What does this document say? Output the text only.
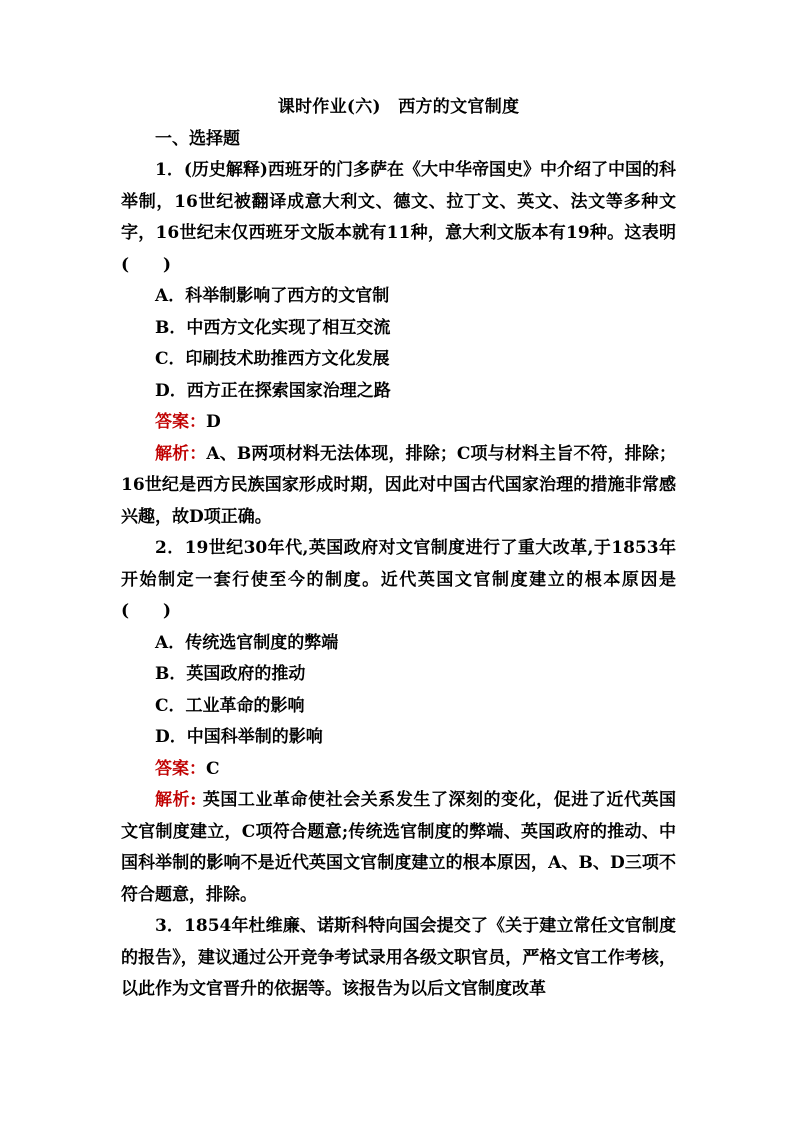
课时作业(六)　西方的文官制度
一、选择题

1．(历史解释)西班牙的门多萨在《大中华帝国史》中介绍了中国的科举制，16世纪被翻译成意大利文、德文、拉丁文、英文、法文等多种文字，16世纪末仅西班牙文版本就有11种，意大利文版本有19种。这表明(　　)

A．科举制影响了西方的文官制
B．中西方文化实现了相互交流
C．印刷技术助推西方文化发展
D．西方正在探索国家治理之路

答案：D

解析：A、B两项材料无法体现，排除；C项与材料主旨不符，排除；16世纪是西方民族国家形成时期，因此对中国古代国家治理的措施非常感兴趣，故D项正确。

2．19世纪30年代,英国政府对文官制度进行了重大改革,于1853年开始制定一套行使至今的制度。近代英国文官制度建立的根本原因是(　　)

A．传统选官制度的弊端
B．英国政府的推动
C．工业革命的影响
D．中国科举制的影响

答案：C

解析: 英国工业革命使社会关系发生了深刻的变化，促进了近代英国文官制度建立，C项符合题意;传统选官制度的弊端、英国政府的推动、中国科举制的影响不是近代英国文官制度建立的根本原因，A、B、D三项不符合题意，排除。

3．1854年杜维廉、诺斯科特向国会提交了《关于建立常任文官制度的报告》，建议通过公开竞争考试录用各级文职官员，严格文官工作考核，以此作为文官晋升的依据等。该报告为以后文官制度改革
